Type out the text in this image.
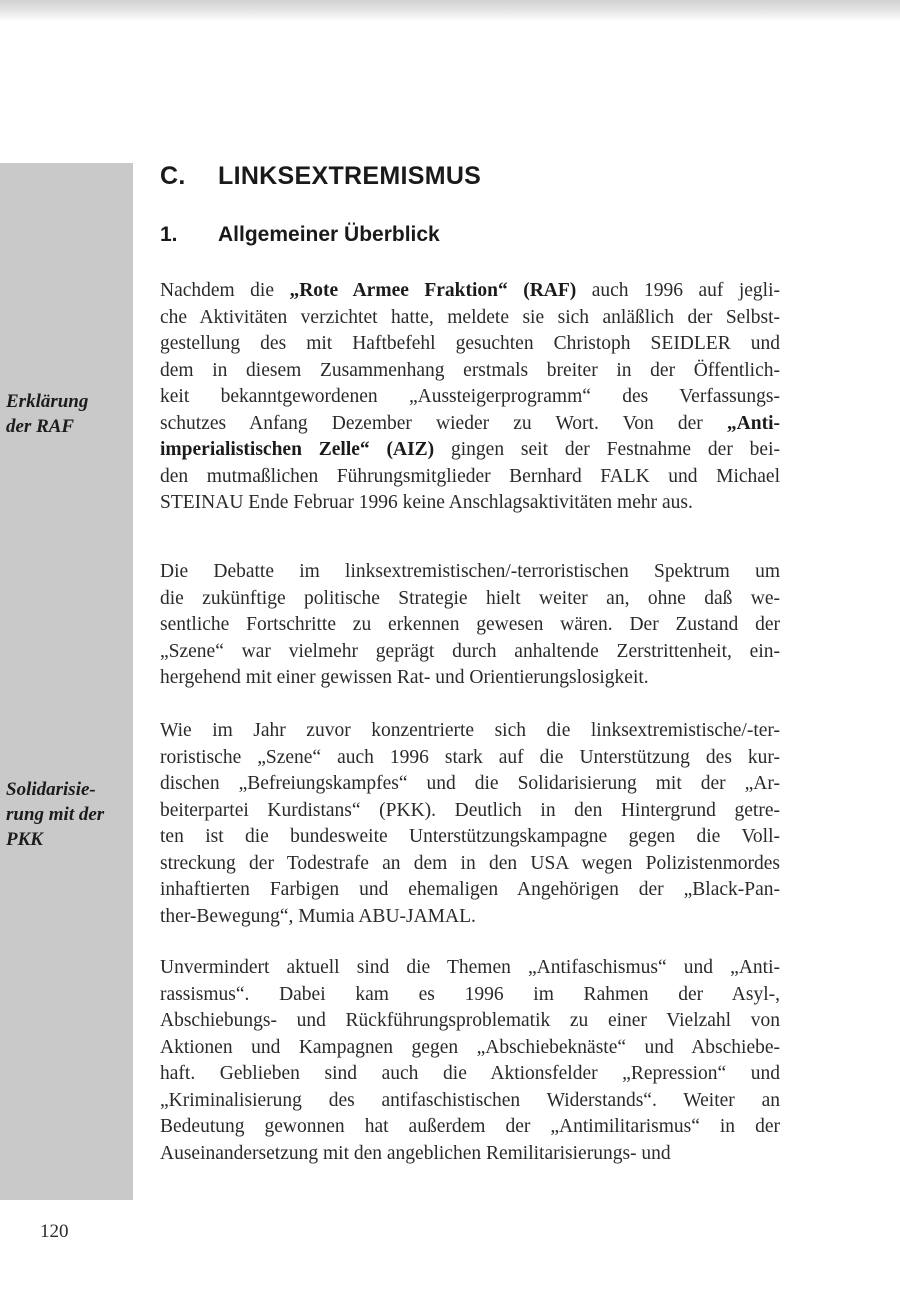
Erklärung
der RAF
Solidarisie-
rung mit der
PKK
C. LINKSEXTREMISMUS
1. Allgemeiner Überblick
Nachdem die „Rote Armee Fraktion“ (RAF) auch 1996 auf jegli-
che Aktivitäten verzichtet hatte, meldete sie sich anläßlich der Selbst-
gestellung des mit Haftbefehl gesuchten Christoph SEIDLER und
dem in diesem Zusammenhang erstmals breiter in der Öffentlich-
keit bekanntgewordenen „Aussteigerprogramm“ des Verfassungs-
schutzes Anfang Dezember wieder zu Wort. Von der „Anti-
imperialistischen Zelle“ (AIZ) gingen seit der Festnahme der bei-
den mutmaßlichen Führungsmitglieder Bernhard FALK und Michael
STEINAU Ende Februar 1996 keine Anschlagsaktivitäten mehr aus.
Die Debatte im linksextremistischen/-terroristischen Spektrum um
die zukünftige politische Strategie hielt weiter an, ohne daß we-
sentliche Fortschritte zu erkennen gewesen wären. Der Zustand der
„Szene“ war vielmehr geprägt durch anhaltende Zerstrittenheit, ein-
hergehend mit einer gewissen Rat- und Orientierungslosigkeit.
Wie im Jahr zuvor konzentrierte sich die linksextremistische/-ter-
roristische „Szene“ auch 1996 stark auf die Unterstützung des kur-
dischen „Befreiungskampfes“ und die Solidarisierung mit der „Ar-
beiterpartei Kurdistans“ (PKK). Deutlich in den Hintergrund getre-
ten ist die bundesweite Unterstützungskampagne gegen die Voll-
streckung der Todestrafe an dem in den USA wegen Polizistenmordes
inhaftierten Farbigen und ehemaligen Angehörigen der „Black-Pan-
ther-Bewegung“, Mumia ABU-JAMAL.
Unvermindert aktuell sind die Themen „Antifaschismus“ und „Anti-
rassismus“. Dabei kam es 1996 im Rahmen der Asyl-,
Abschiebungs- und Rückführungsproblematik zu einer Vielzahl von
Aktionen und Kampagnen gegen „Abschiebeknäste“ und Abschiebe-
haft. Geblieben sind auch die Aktionsfelder „Repression“ und
„Kriminalisierung des antifaschistischen Widerstands“. Weiter an
Bedeutung gewonnen hat außerdem der „Antimilitarismus“ in der
Auseinandersetzung mit den angeblichen Remilitarisierungs- und
120
